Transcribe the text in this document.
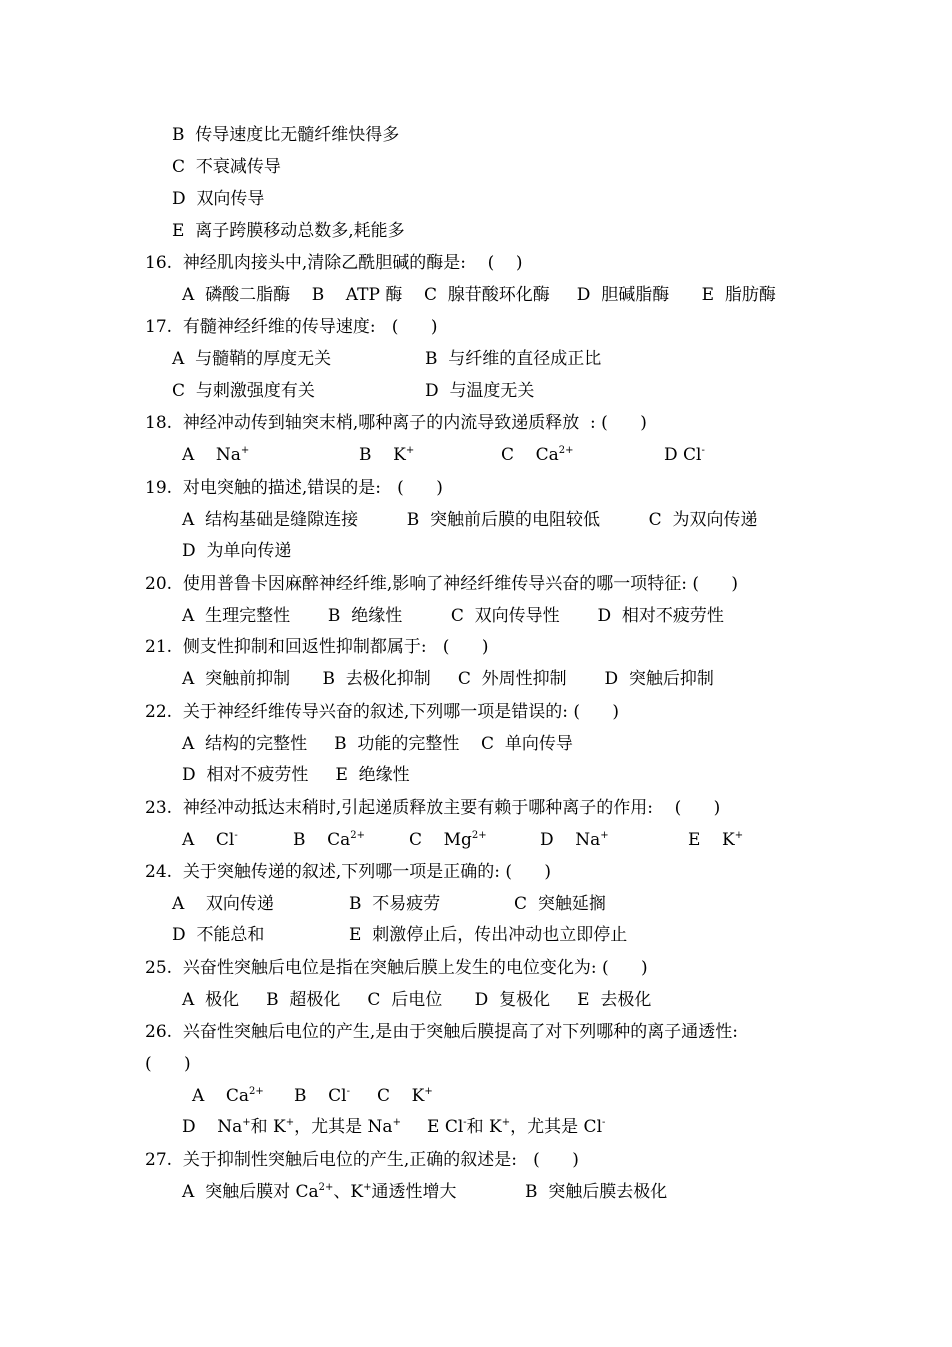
B  传导速度比无髓纤维快得多
C  不衰减传导
D  双向传导
E  离子跨膜移动总数多,耗能多
16.  神经肌肉接头中,清除乙酰胆碱的酶是:    (    )
A  磷酸二脂酶    B    ATP 酶    C  腺苷酸环化酶     D  胆碱脂酶      E  脂肪酶
17.  有髓神经纤维的传导速度:   (      )
A  与髓鞘的厚度无关	B  与纤维的直径成正比
C  与刺激强度有关	D  与温度无关
18.  神经冲动传到轴突末梢,哪种离子的内流导致递质释放  : (      )
A    Na+	B    K+	C    $Ca^{2+}$	D Cl-
19.  对电突触的描述,错误的是:   (      )
A  结构基础是缝隙连接         B  突触前后膜的电阻较低         C  为双向传递
D  为单向传递
20.  使用普鲁卡因麻醉神经纤维,影响了神经纤维传导兴奋的哪一项特征: (      )
A  生理完整性       B  绝缘性         C  双向传导性       D  相对不疲劳性
21.  侧支性抑制和回返性抑制都属于:   (      )
A  突触前抑制      B  去极化抑制     C  外周性抑制       D  突触后抑制
22.  关于神经纤维传导兴奋的叙述,下列哪一项是错误的: (      )
A  结构的完整性     B  功能的完整性    C  单向传导
D  相对不疲劳性     E  绝缘性
23.  神经冲动抵达末稍时,引起递质释放主要有赖于哪种离子的作用:    (      )
A    Cl-	B    $Ca^{2+}$	C    $Mg^{2+}$	D    Na+	E    K+
24.  关于突触传递的叙述,下列哪一项是正确的: (      )
A    双向传递	B  不易疲劳	C  突触延搁
D  不能总和	E  刺激停止后，传出冲动也立即停止
25.  兴奋性突触后电位是指在突触后膜上发生的电位变化为: (      )
A  极化     B  超极化     C  后电位      D  复极化     E  去极化
26.  兴奋性突触后电位的产生,是由于突触后膜提高了对下列哪种的离子通透性:
(      )
A    $Ca^{2+}$ B    Cl- C    K+
D    Na+和 K+，尤其是 Na+ E Cl-和 K+，尤其是 Cl-
27.  关于抑制性突触后电位的产生,正确的叙述是:   (      )
A  突触后膜对 $Ca^{2+}$、K+通透性增大	B  突触后膜去极化
